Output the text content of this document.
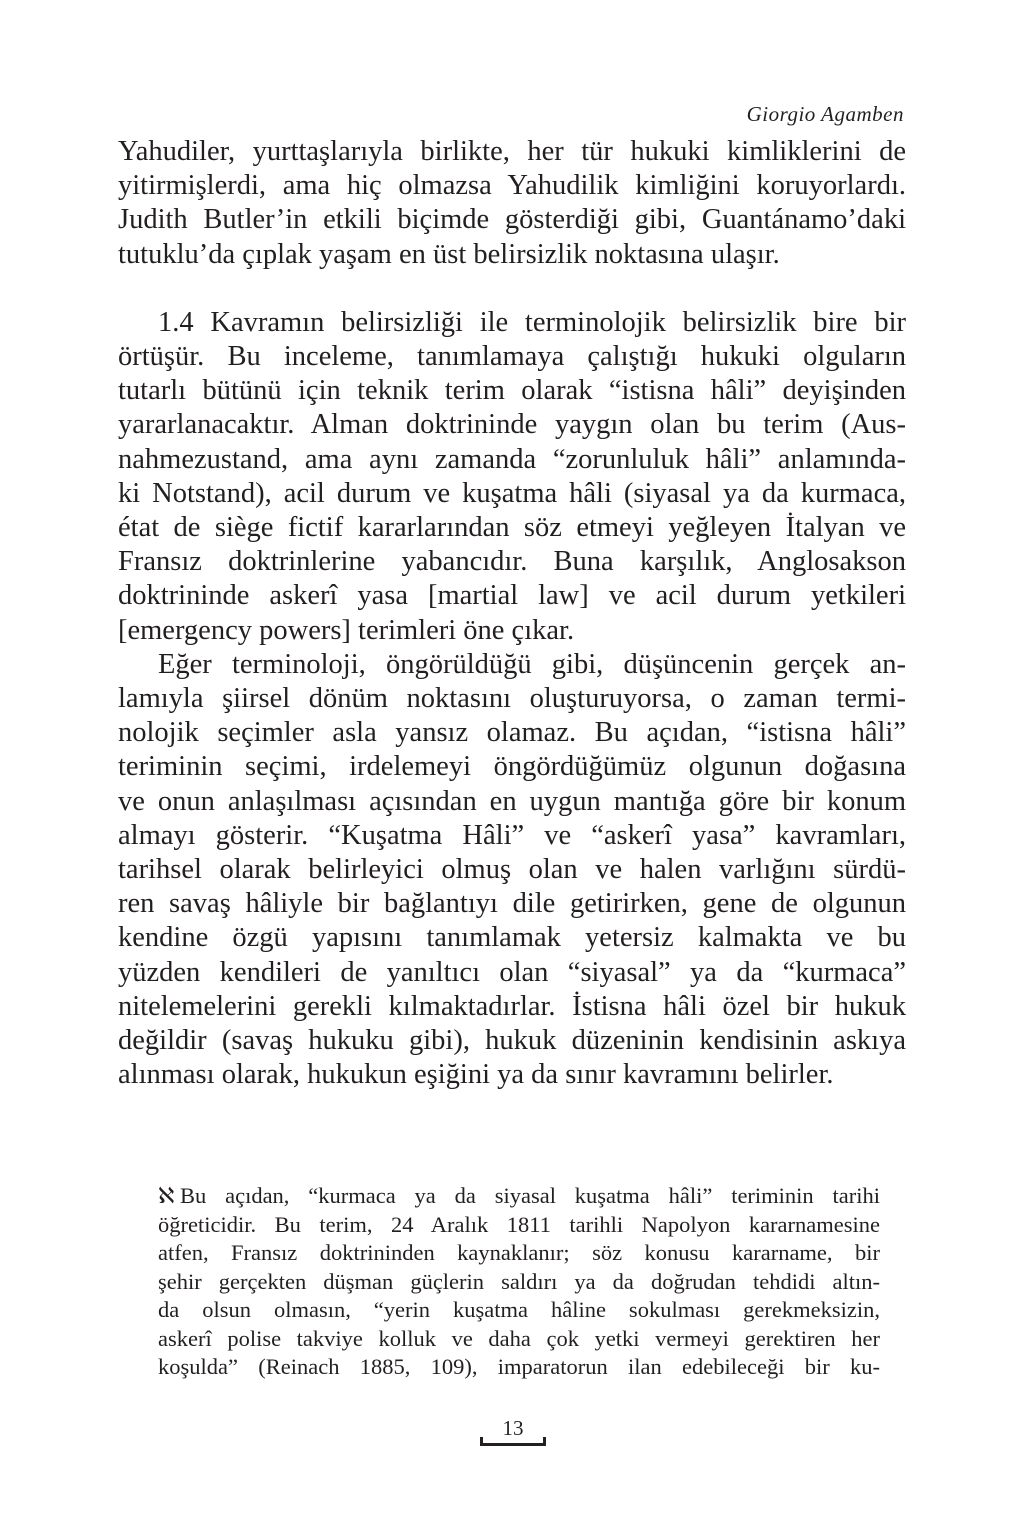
Giorgio Agamben

Yahudiler, yurttaşlarıyla birlikte, her tür hukuki kimliklerini de
yitirmişlerdi, ama hiç olmazsa Yahudilik kimliğini koruyorlardı.
Judith Butler’in etkili biçimde gösterdiği gibi, Guantánamo’daki
tutuklu’da çıplak yaşam en üst belirsizlik noktasına ulaşır.

1.4 Kavramın belirsizliği ile terminolojik belirsizlik bire bir
örtüşür. Bu inceleme, tanımlamaya çalıştığı hukuki olguların
tutarlı bütünü için teknik terim olarak “istisna hâli” deyişinden
yararlanacaktır. Alman doktrininde yaygın olan bu terim (Aus-
nahmezustand, ama aynı zamanda “zorunluluk hâli” anlamında-
ki Notstand), acil durum ve kuşatma hâli (siyasal ya da kurmaca,
état de siège fictif kararlarından söz etmeyi yeğleyen İtalyan ve
Fransız doktrinlerine yabancıdır. Buna karşılık, Anglosakson
doktrininde askerî yasa [martial law] ve acil durum yetkileri
[emergency powers] terimleri öne çıkar.

Eğer terminoloji, öngörüldüğü gibi, düşüncenin gerçek an-
lamıyla şiirsel dönüm noktasını oluşturuyorsa, o zaman termi-
nolojik seçimler asla yansız olamaz. Bu açıdan, “istisna hâli”
teriminin seçimi, irdelemeyi öngördüğümüz olgunun doğasına
ve onun anlaşılması açısından en uygun mantığa göre bir konum
almayı gösterir. “Kuşatma Hâli” ve “askerî yasa” kavramları,
tarihsel olarak belirleyici olmuş olan ve halen varlığını sürdü-
ren savaş hâliyle bir bağlantıyı dile getirirken, gene de olgunun
kendine özgü yapısını tanımlamak yetersiz kalmakta ve bu
yüzden kendileri de yanıltıcı olan “siyasal” ya da “kurmaca”
nitelemelerini gerekli kılmaktadırlar. İstisna hâli özel bir hukuk
değildir (savaş hukuku gibi), hukuk düzeninin kendisinin askıya
alınması olarak, hukukun eşiğini ya da sınır kavramını belirler.

ℵ Bu açıdan, “kurmaca ya da siyasal kuşatma hâli” teriminin tarihi
öğreticidir. Bu terim, 24 Aralık 1811 tarihli Napolyon kararnamesine
atfen, Fransız doktrininden kaynaklanır; söz konusu kararname, bir
şehir gerçekten düşman güçlerin saldırı ya da doğrudan tehdidi altın-
da olsun olmasın, “yerin kuşatma hâline sokulması gerekmeksizin,
askerî polise takviye kolluk ve daha çok yetki vermeyi gerektiren her
koşulda” (Reinach 1885, 109), imparatorun ilan edebileceği bir ku-
13
